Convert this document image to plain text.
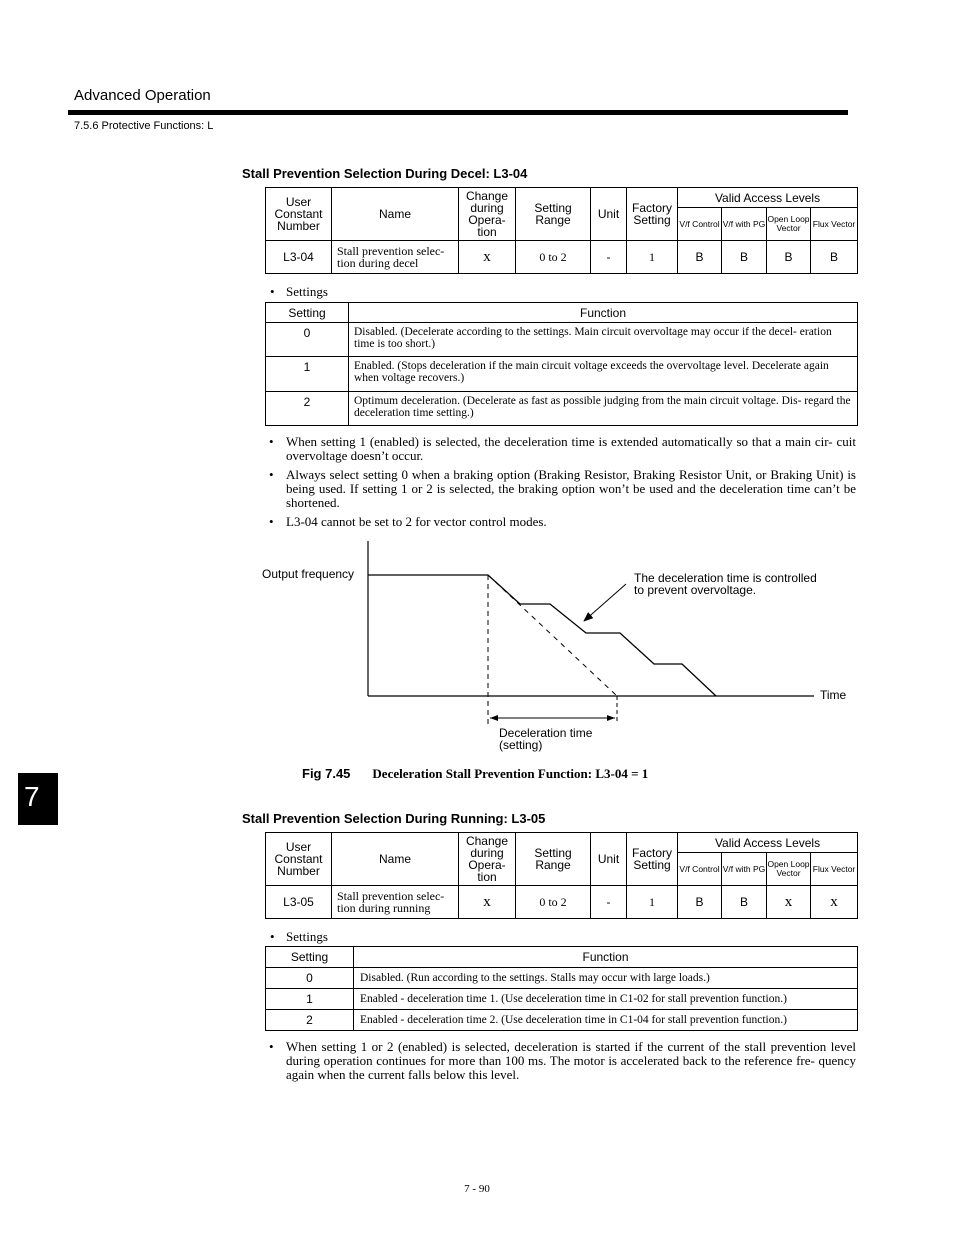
Advanced Operation
7.5.6 Protective Functions: L
Stall Prevention Selection During Decel: L3-04
User Constant Number	Name	Change during Opera- tion	Setting Range	Unit	Factory Setting	Valid Access Levels			
						V/f Control	V/f with PG	Open Loop Vector	Flux Vector
L3-04	Stall prevention selec- tion during decel	x	0 to 2	-	1	B	B	B	B
• Settings
Setting	Function
0	Disabled. (Decelerate according to the settings. Main circuit overvoltage may occur if the decel- eration time is too short.)
1	Enabled. (Stops deceleration if the main circuit voltage exceeds the overvoltage level. Decelerate again when voltage recovers.)
2	Optimum deceleration. (Decelerate as fast as possible judging from the main circuit voltage. Dis- regard the deceleration time setting.)
• When setting 1 (enabled) is selected, the deceleration time is extended automatically so that a main cir- cuit overvoltage doesn’t occur.
• Always select setting 0 when a braking option (Braking Resistor, Braking Resistor Unit, or Braking Unit) is being used. If setting 1 or 2 is selected, the braking option won’t be used and the deceleration time can’t be shortened.
• L3-04 cannot be set to 2 for vector control modes.
Output frequency
Time
The deceleration time is controlled
to prevent overvoltage.
Deceleration time
(setting)
Fig 7.45 Deceleration Stall Prevention Function: L3-04 = 1
7
Stall Prevention Selection During Running: L3-05
User Constant Number	Name	Change during Opera- tion	Setting Range	Unit	Factory Setting	Valid Access Levels			
						V/f Control	V/f with PG	Open Loop Vector	Flux Vector
L3-05	Stall prevention selec- tion during running	x	0 to 2	-	1	B	B	x	x
• Settings
Setting	Function
0	Disabled. (Run according to the settings. Stalls may occur with large loads.)
1	Enabled - deceleration time 1. (Use deceleration time in C1-02 for stall prevention function.)
2	Enabled - deceleration time 2. (Use deceleration time in C1-04 for stall prevention function.)
• When setting 1 or 2 (enabled) is selected, deceleration is started if the current of the stall prevention level during operation continues for more than 100 ms. The motor is accelerated back to the reference fre- quency again when the current falls below this level.
7 - 90
